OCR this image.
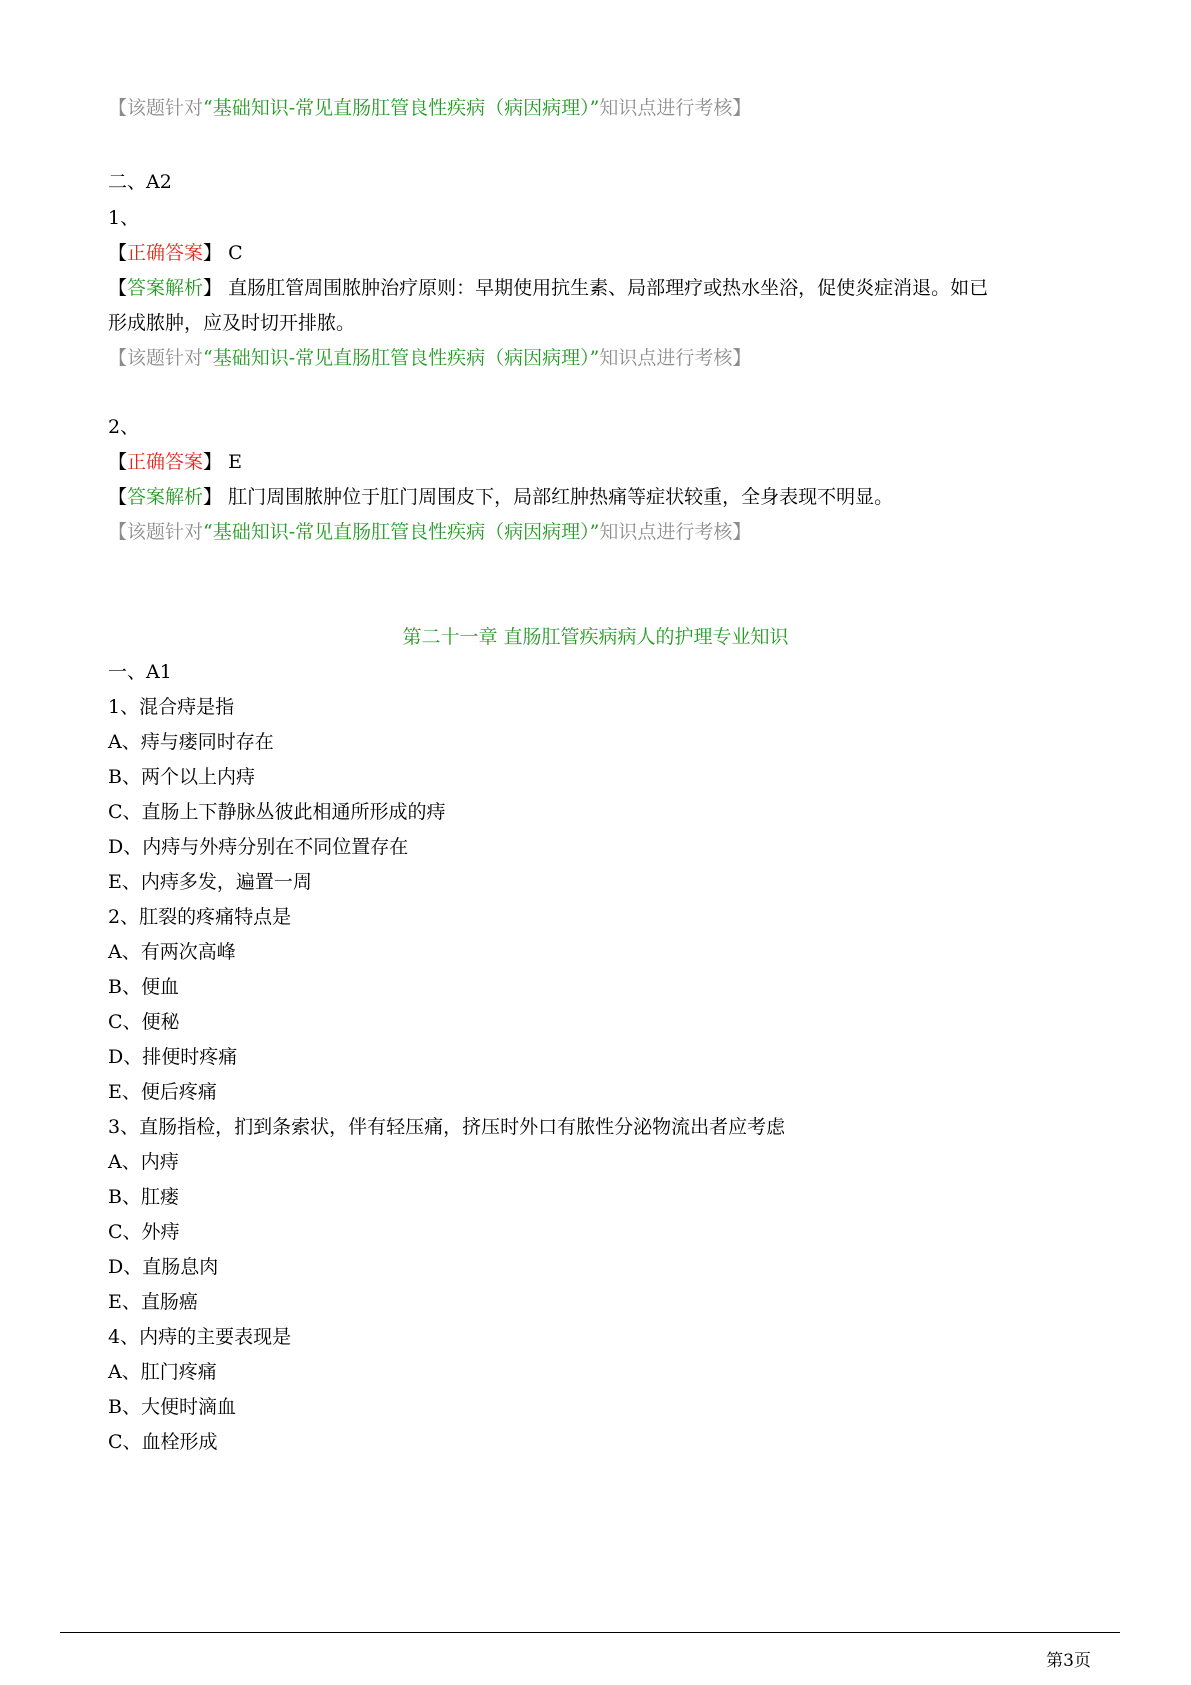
【该题针对“基础知识-常见直肠肛管良性疾病（病因病理）”知识点进行考核】
二、A2
1、
【正确答案】 C
【答案解析】 直肠肛管周围脓肿治疗原则：早期使用抗生素、局部理疗或热水坐浴，促使炎症消退。如已
形成脓肿，应及时切开排脓。
【该题针对“基础知识-常见直肠肛管良性疾病（病因病理）”知识点进行考核】
2、
【正确答案】 E
【答案解析】 肛门周围脓肿位于肛门周围皮下，局部红肿热痛等症状较重，全身表现不明显。
【该题针对“基础知识-常见直肠肛管良性疾病（病因病理）”知识点进行考核】
第二十一章 直肠肛管疾病病人的护理专业知识
一、A1
1、混合痔是指
A、痔与瘘同时存在
B、两个以上内痔
C、直肠上下静脉丛彼此相通所形成的痔
D、内痔与外痔分别在不同位置存在
E、内痔多发，遍置一周
2、肛裂的疼痛特点是
A、有两次高峰
B、便血
C、便秘
D、排便时疼痛
E、便后疼痛
3、直肠指检，扪到条索状，伴有轻压痛，挤压时外口有脓性分泌物流出者应考虑
A、内痔
B、肛瘘
C、外痔
D、直肠息肉
E、直肠癌
4、内痔的主要表现是
A、肛门疼痛
B、大便时滴血
C、血栓形成
第3页
